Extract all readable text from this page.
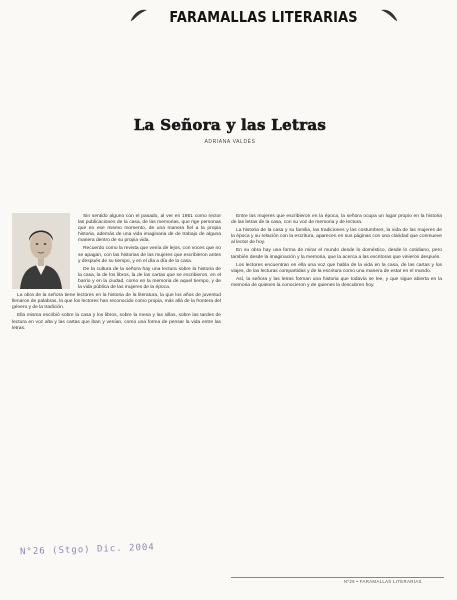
FARAMALLAS LITERARIAS
La Señora y las Letras
ADRIANA VALDÉS

Sin sentido alguno con el pasado, al ver en 1951 como rector las publicaciones de la casa, de las memorias, que rige personas que en ese mismo momento, de una manera fiel a la propia historia, además de una vida imaginaria de de trabajo de alguna manera dentro de su propia vida.

Recuerdo como la revista que venía de lejos, con voces que no se apagan, con las historias de las mujeres que escribieron antes y después de su tiempo, y en el día a día de la casa.

De la cultura de la señora hay una lectura sobre la historia de la casa, la de los libros, la de las cartas que se escribieron, en el barrio y en la ciudad, como en la memoria de aquel tiempo, y de la vida pública de las mujeres de la época.

La obra de la señora tiene lectores en la historia de la literatura, la que los años de juventud llenaron de palabras, la que los lectores han reconocido como propia, más allá de la frontera del género y de la tradición.

Ella misma escribió sobre la casa y los libros, sobre la mesa y las sillas, sobre las tardes de lectura en voz alta y las cartas que iban y venían, como una forma de pensar la vida entre las letras.

Entre las mujeres que escribieron en la época, la señora ocupa un lugar propio en la historia de las letras de la casa, con su voz de memoria y de lectura.

La historia de la casa y su familia, las tradiciones y las costumbres, la vida de las mujeres de la época y su relación con la escritura, aparecen en sus páginas con una claridad que conmueve al lector de hoy.

En su obra hay una forma de mirar el mundo desde lo doméstico, desde lo cotidiano, pero también desde la imaginación y la memoria, que la acerca a las escritoras que vinieron después.

Los lectores encuentran en ella una voz que habla de la vida en la casa, de las cartas y los viajes, de las lecturas compartidas y de la escritura como una manera de estar en el mundo.

Así, la señora y las letras forman una historia que todavía se lee, y que sigue abierta en la memoria de quienes la conocieron y de quienes la descubren hoy.

N°26 (Stgo) Dic. 2004
Nº26 • FARAMALLAS LITERARIAS
